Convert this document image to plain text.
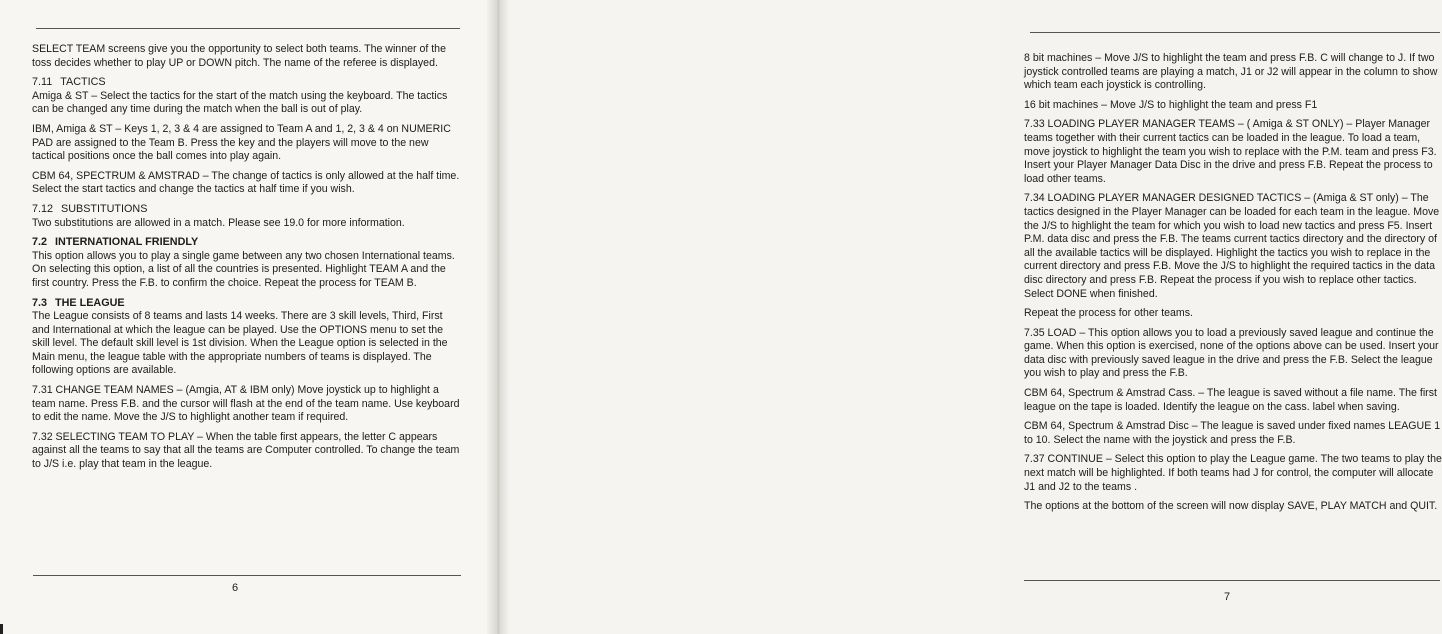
SELECT TEAM screens give you the opportunity to select both teams. The winner of the toss decides whether to play UP or DOWN pitch. The name of the referee is displayed.

7.11 TACTICS

Amiga & ST – Select the tactics for the start of the match using the keyboard. The tactics can be changed any time during the match when the ball is out of play.

IBM, Amiga & ST – Keys 1, 2, 3 & 4 are assigned to Team A and 1, 2, 3 & 4 on NUMERIC PAD are assigned to the Team B. Press the key and the players will move to the new tactical positions once the ball comes into play again.

CBM 64, SPECTRUM & AMSTRAD – The change of tactics is only allowed at the half time. Select the start tactics and change the tactics at half time if you wish.

7.12 SUBSTITUTIONS

Two substitutions are allowed in a match. Please see 19.0 for more information.

7.2 INTERNATIONAL FRIENDLY

This option allows you to play a single game between any two chosen International teams. On selecting this option, a list of all the countries is presented. Highlight TEAM A and the first country. Press the F.B. to confirm the choice. Repeat the process for TEAM B.

7.3 THE LEAGUE

The League consists of 8 teams and lasts 14 weeks. There are 3 skill levels, Third, First and International at which the league can be played. Use the OPTIONS menu to set the skill level. The default skill level is 1st division. When the League option is selected in the Main menu, the league table with the appropriate numbers of teams is displayed. The following options are available.

7.31 CHANGE TEAM NAMES – (Amgia, AT & IBM only) Move joystick up to highlight a team name. Press F.B. and the cursor will flash at the end of the team name. Use keyboard to edit the name. Move the J/S to highlight another team if required.

7.32 SELECTING TEAM TO PLAY – When the table first appears, the letter C appears against all the teams to say that all the teams are Computer controlled. To change the team to J/S i.e. play that team in the league.

6

8 bit machines – Move J/S to highlight the team and press F.B. C will change to J. If two joystick controlled teams are playing a match, J1 or J2 will appear in the column to show which team each joystick is controlling.

16 bit machines – Move J/S to highlight the team and press F1

7.33 LOADING PLAYER MANAGER TEAMS – ( Amiga & ST ONLY) – Player Manager teams together with their current tactics can be loaded in the league. To load a team, move joystick to highlight the team you wish to replace with the P.M. team and press F3. Insert your Player Manager Data Disc in the drive and press F.B. Repeat the process to load other teams.

7.34 LOADING PLAYER MANAGER DESIGNED TACTICS – (Amiga & ST only) – The tactics designed in the Player Manager can be loaded for each team in the league. Move the J/S to highlight the team for which you wish to load new tactics and press F5. Insert P.M. data disc and press the F.B. The teams current tactics directory and the directory of all the available tactics will be displayed. Highlight the tactics you wish to replace in the current directory and press F.B. Move the J/S to highlight the required tactics in the data disc directory and press F.B. Repeat the process if you wish to replace other tactics. Select DONE when finished.

Repeat the process for other teams.

7.35 LOAD – This option allows you to load a previously saved league and continue the game. When this option is exercised, none of the options above can be used. Insert your data disc with previously saved league in the drive and press the F.B. Select the league you wish to play and press the F.B.

CBM 64, Spectrum & Amstrad Cass. – The league is saved without a file name. The first league on the tape is loaded. Identify the league on the cass. label when saving.

CBM 64, Spectrum & Amstrad Disc – The league is saved under fixed names LEAGUE 1 to 10. Select the name with the joystick and press the F.B.

7.37 CONTINUE – Select this option to play the League game. The two teams to play the next match will be highlighted. If both teams had J for control, the computer will allocate J1 and J2 to the teams .

The options at the bottom of the screen will now display SAVE, PLAY MATCH and QUIT.

7
